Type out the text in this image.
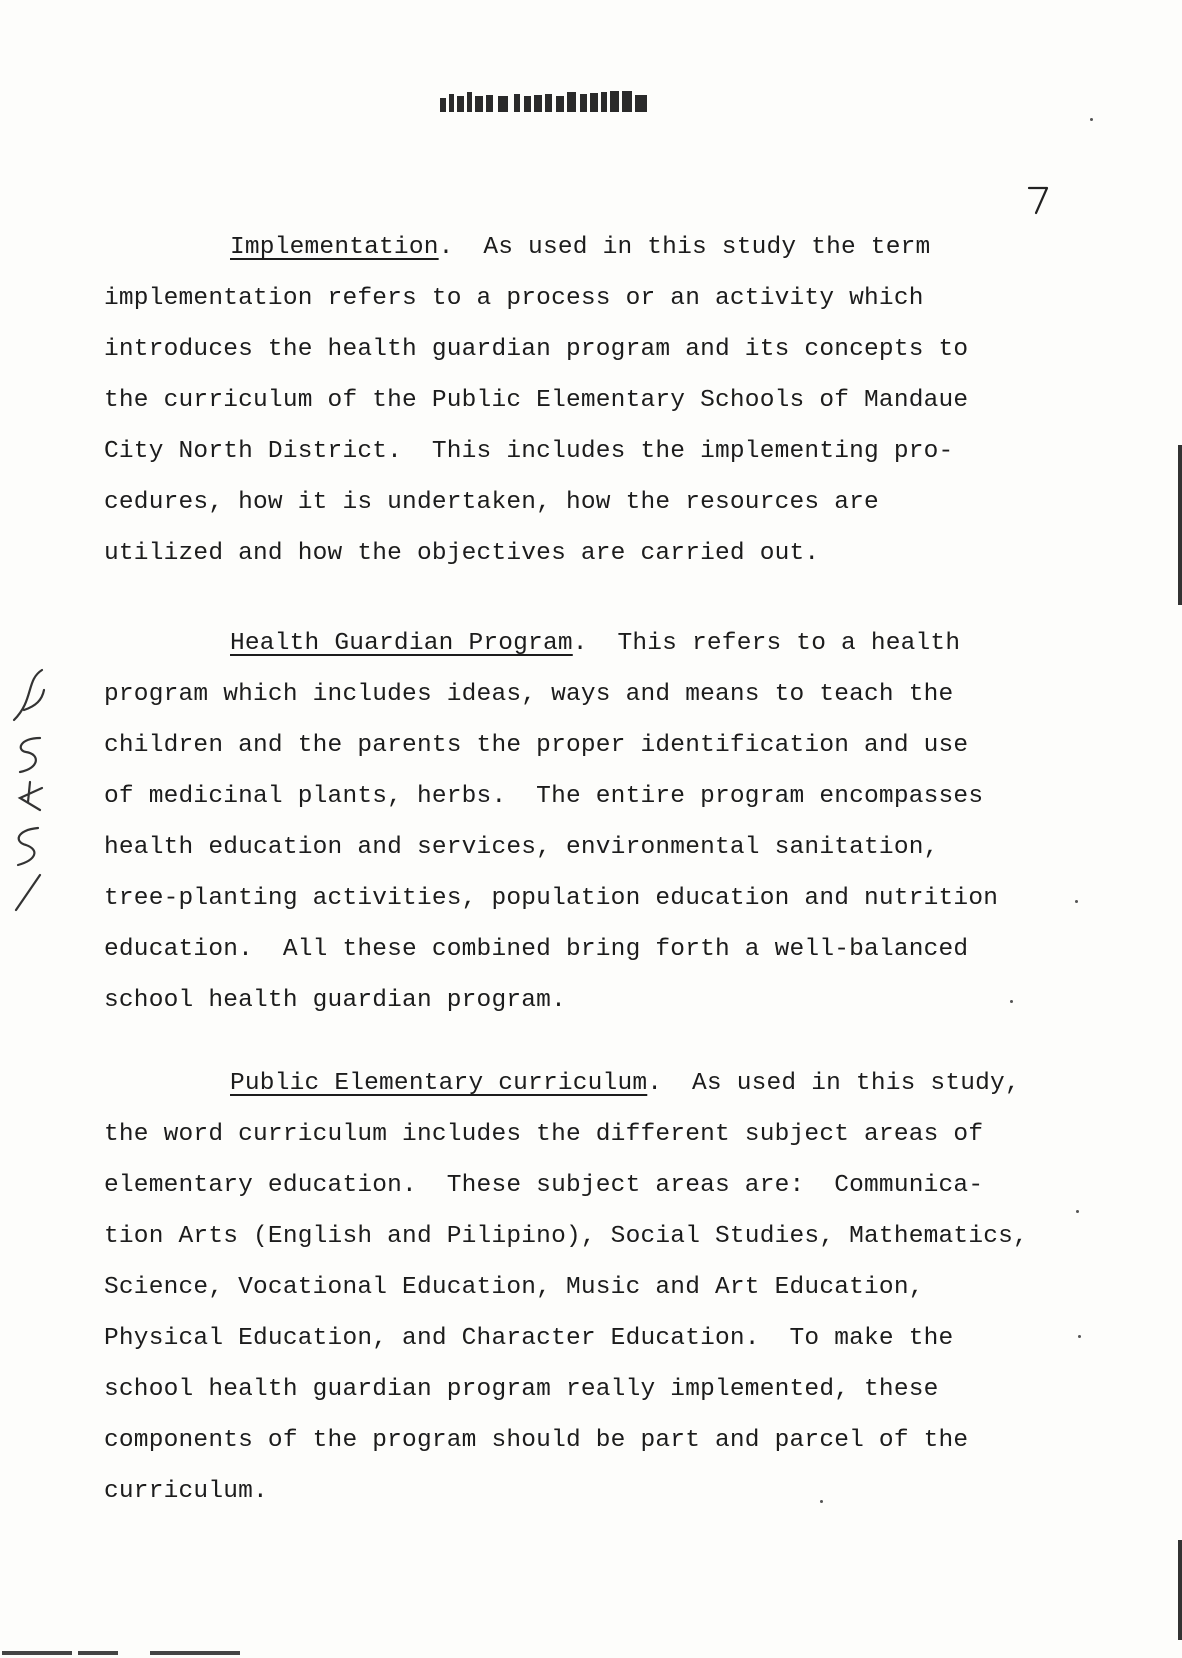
Implementation.  As used in this study the term
implementation refers to a process or an activity which
introduces the health guardian program and its concepts to
the curriculum of the Public Elementary Schools of Mandaue
City North District.  This includes the implementing pro-
cedures, how it is undertaken, how the resources are
utilized and how the objectives are carried out.
Health Guardian Program.  This refers to a health
program which includes ideas, ways and means to teach the
children and the parents the proper identification and use
of medicinal plants, herbs.  The entire program encompasses
health education and services, environmental sanitation,
tree-planting activities, population education and nutrition
education.  All these combined bring forth a well-balanced
school health guardian program.
Public Elementary curriculum.  As used in this study,
the word curriculum includes the different subject areas of
elementary education.  These subject areas are:  Communica-
tion Arts (English and Pilipino), Social Studies, Mathematics,
Science, Vocational Education, Music and Art Education,
Physical Education, and Character Education.  To make the
school health guardian program really implemented, these
components of the program should be part and parcel of the
curriculum.
